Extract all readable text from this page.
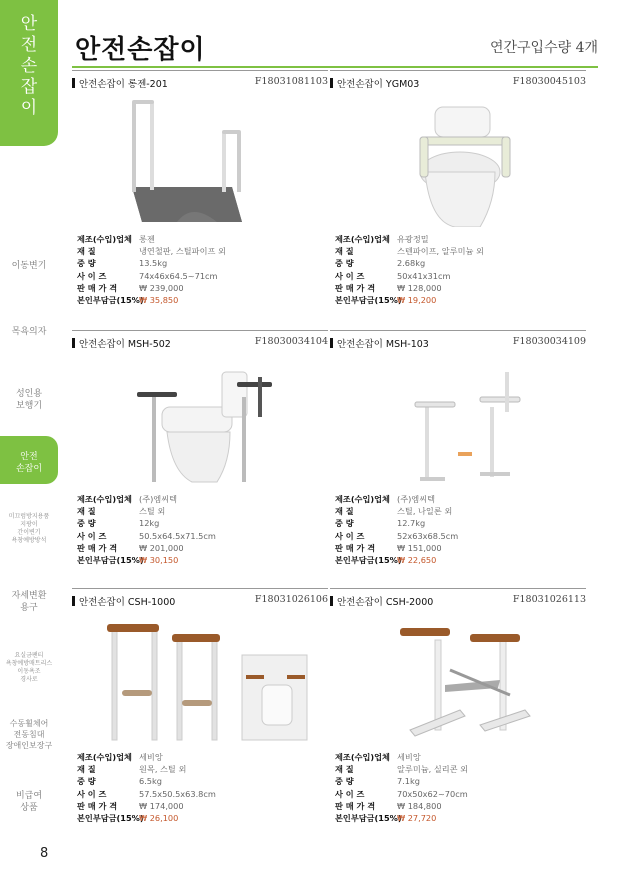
안전손잡이
이동변기
목욕의자
성인용
보행기
안전
손잡이
미끄럼방지용품
지팡이
간이변기
욕창예방방석
자세변환
용구
요실금팬티
욕창예방매트리스
이동욕조
경사로
수동휠체어
전동침대
장애인보장구
비급여
상품
8
안전손잡이	연간구입수량 4개
안전손잡이 롱젠-201	F18031081103
제조(수입)업체 롱젠
재 질	냉연철판, 스틸파이프 외
중 량	13.5kg
사 이 즈	74x46x64.5~71cm
판 매 가 격	₩ 239,000
본인부담금(15%)
₩ 35,850
안전손잡이 YGM03	F18030045103
제조(수입)업체 유광정밀
재 질	스텐파이프, 알루미늄 외
중 량	2.68kg
사 이 즈	50x41x31cm
판 매 가 격	₩ 128,000
본인부담금(15%)
₩ 19,200
안전손잡이 MSH-502	F18030034104
제조(수입)업체 (주)엠씨텍
재 질	스틸 외
중 량	12kg
사 이 즈	50.5x64.5x71.5cm
판 매 가 격	₩ 201,000
본인부담금(15%)
₩ 30,150
안전손잡이 MSH-103	F18030034109
제조(수입)업체 (주)엠씨텍
재 질	스틸, 나일론 외
중 량	12.7kg
사 이 즈	52x63x68.5cm
판 매 가 격	₩ 151,000
본인부담금(15%)
₩ 22,650
안전손잡이 CSH-1000	F18031026106
제조(수입)업체 세비앙
재 질	원목, 스틸 외
중 량	6.5kg
사 이 즈	57.5x50.5x63.8cm
판 매 가 격	₩ 174,000
본인부담금(15%)
₩ 26,100
안전손잡이 CSH-2000	F18031026113
제조(수입)업체 세비앙
재 질	알루미늄, 실리콘 외
중 량	7.1kg
사 이 즈	70x50x62~70cm
판 매 가 격	₩ 184,800
본인부담금(15%)
₩ 27,720
